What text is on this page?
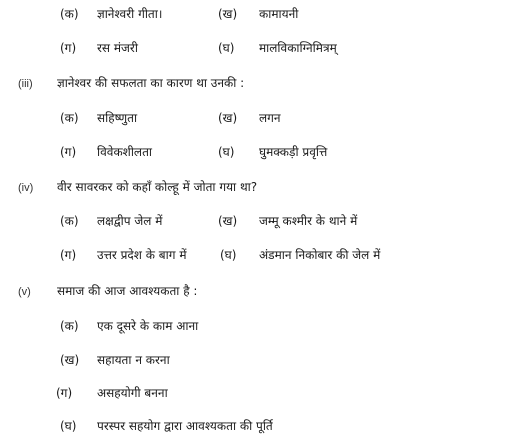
(क) ज्ञानेश्वरी गीता।	(ख) कामायनी
(ग) रस मंजरी	(घ) मालविकाग्निमित्रम्
(iii) ज्ञानेश्वर की सफलता का कारण था उनकी :
(क) सहिष्णुता	(ख) लगन
(ग) विवेकशीलता	(घ) घुमक्कड़ी प्रवृत्ति
(iv) वीर सावरकर को कहाँ कोल्हू में जोता गया था?
(क) लक्षद्वीप जेल में	(ख) जम्मू कश्मीर के थाने में
(ग) उत्तर प्रदेश के बाग में	(घ) अंडमान निकोबार की जेल में
(v) समाज की आज आवश्यकता है :
(क) एक दूसरे के काम आना
(ख) सहायता न करना
(ग) असहयोगी बनना
(घ) परस्पर सहयोग द्वारा आवश्यकता की पूर्ति
